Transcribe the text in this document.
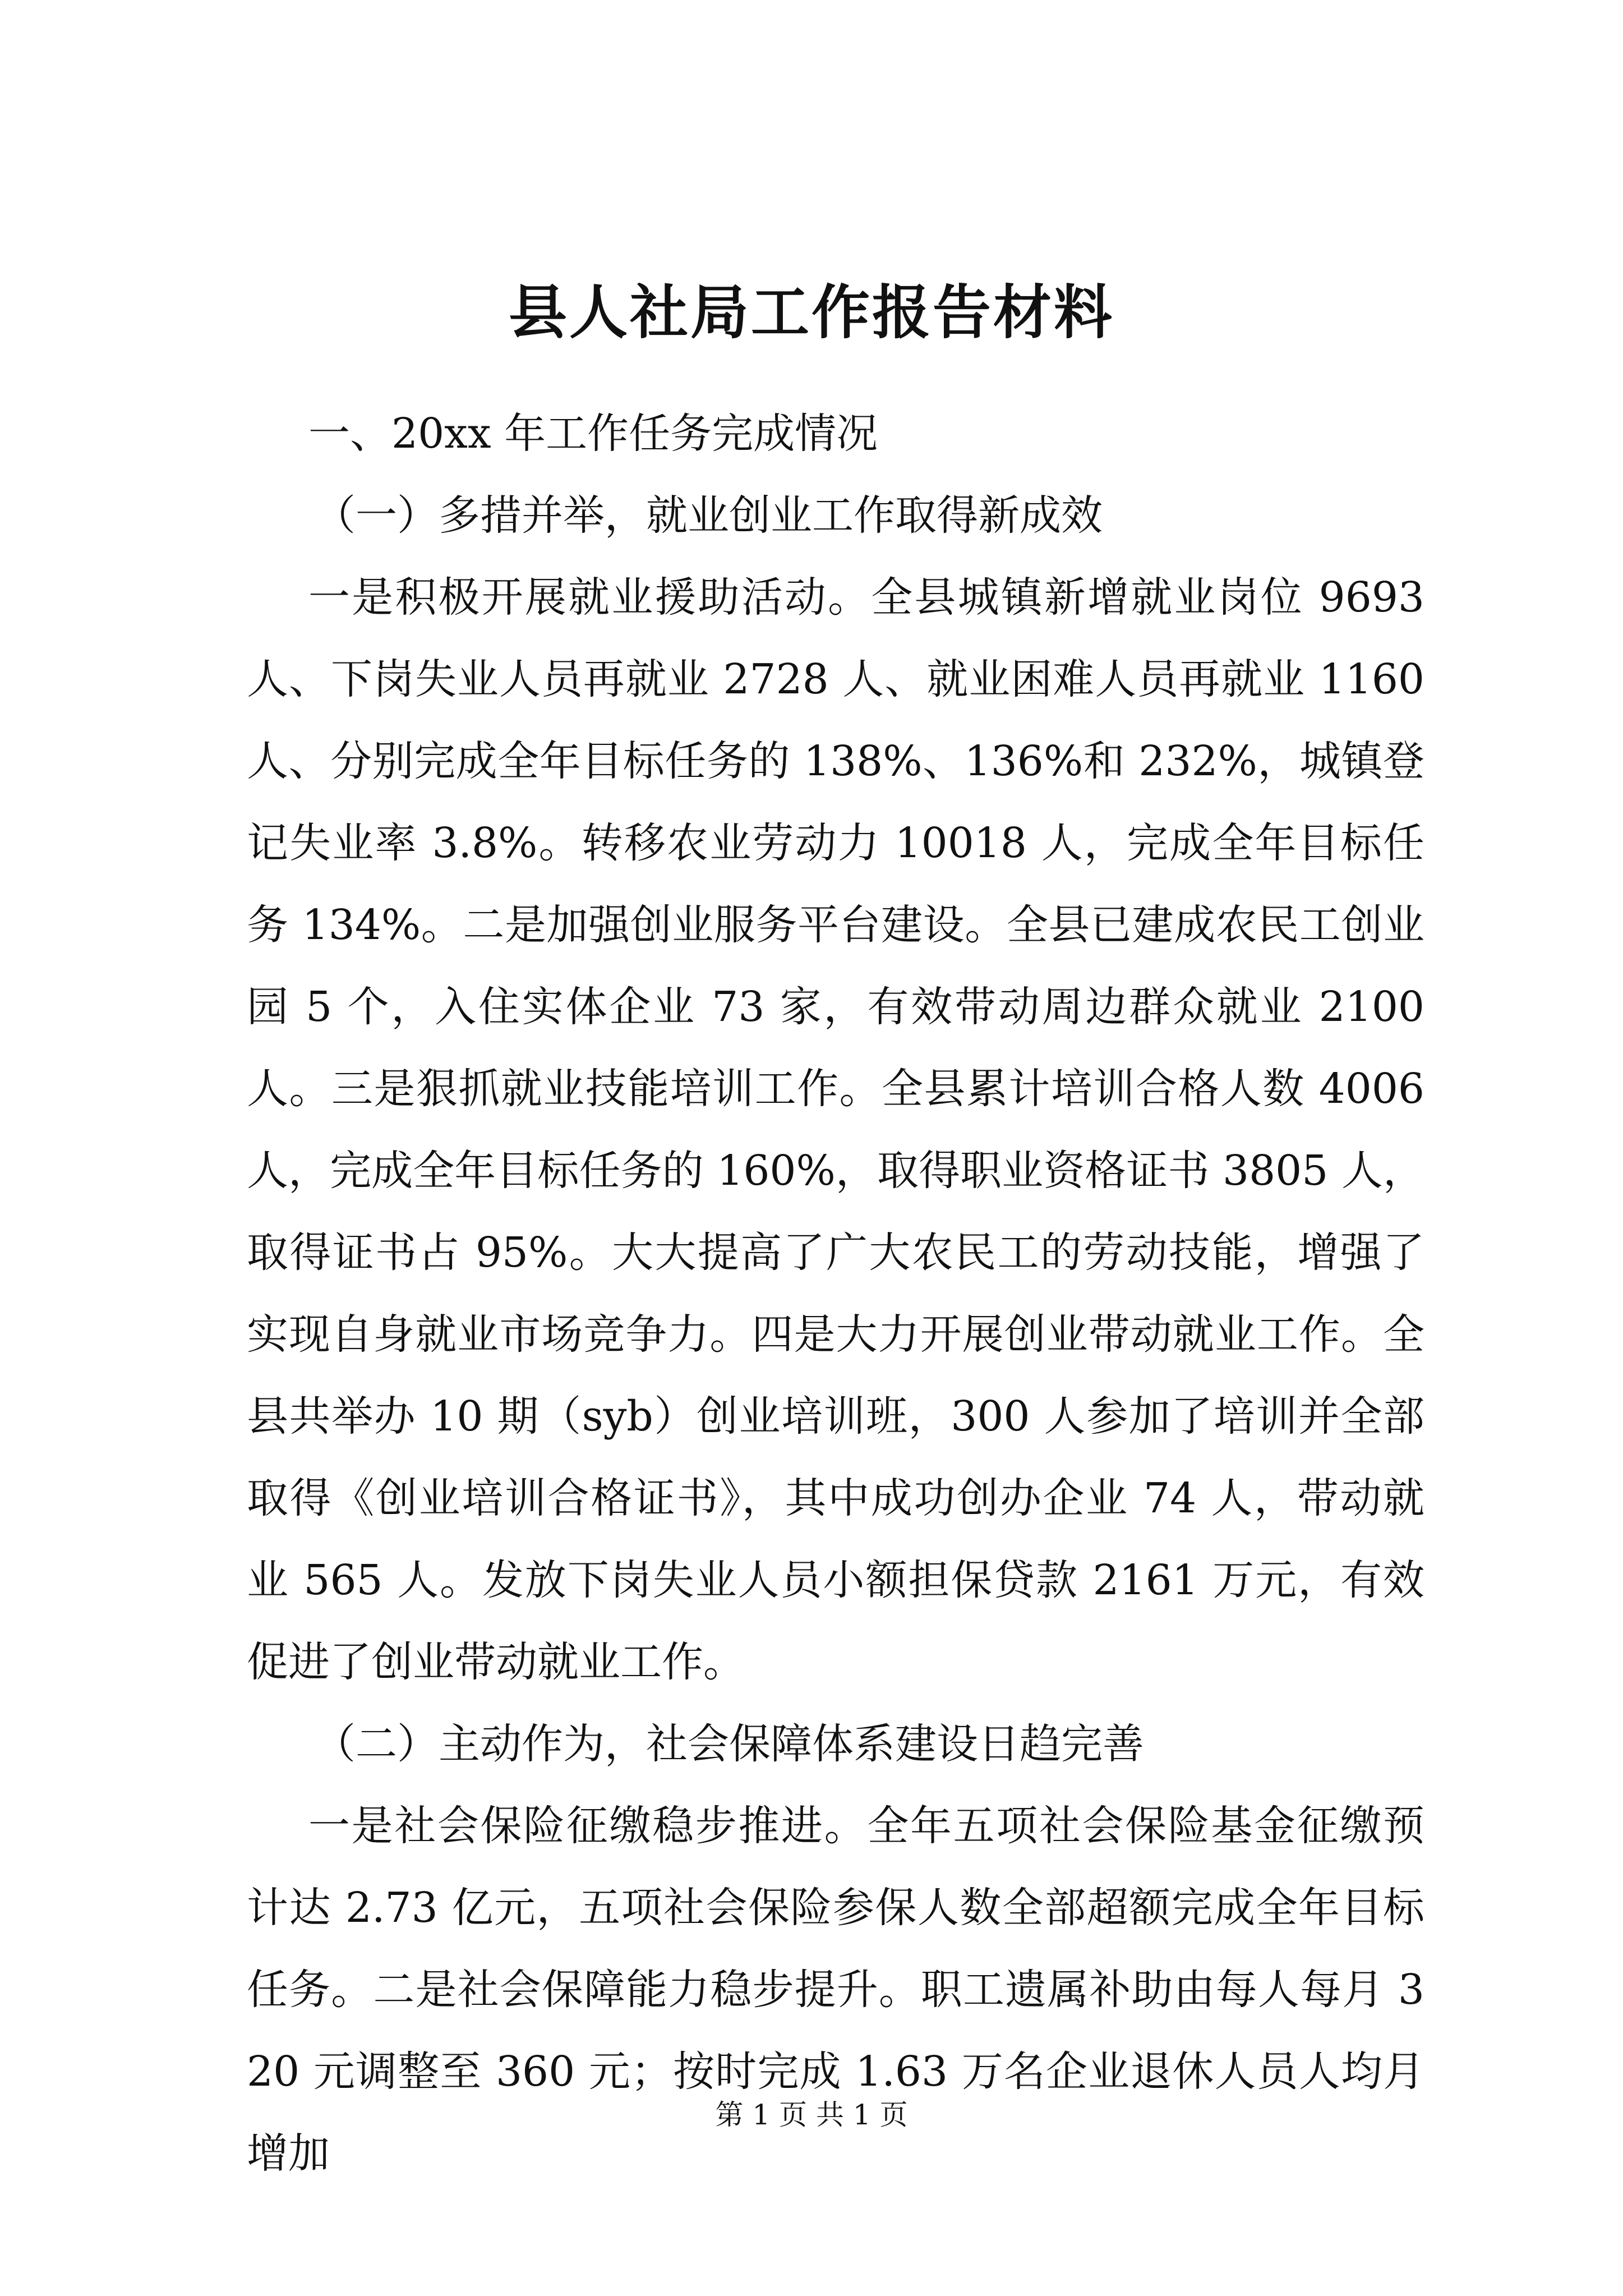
县人社局工作报告材料
一、20xx 年工作任务完成情况
（一）多措并举，就业创业工作取得新成效

一是积极开展就业援助活动。全县城镇新增就业岗位 9693 人、下岗失业人员再就业 2728 人、就业困难人员再就业 1160 人、分别完成全年目标任务的 138%、136%和 232%，城镇登记失业率 3.8%。转移农业劳动力 10018 人，完成全年目标任务 134%。二是加强创业服务平台建设。全县已建成农民工创业园 5 个，入住实体企业 73 家，有效带动周边群众就业 2100 人。三是狠抓就业技能培训工作。全县累计培训合格人数 4006 人，完成全年目标任务的 160%，取得职业资格证书 3805 人，取得证书占 95%。大大提高了广大农民工的劳动技能，增强了实现自身就业市场竞争力。四是大力开展创业带动就业工作。全县共举办 10 期（syb）创业培训班，300 人参加了培训并全部取得《创业培训合格证书》，其中成功创办企业 74 人，带动就业 565 人。发放下岗失业人员小额担保贷款 2161 万元，有效促进了创业带动就业工作。

（二）主动作为，社会保障体系建设日趋完善

一是社会保险征缴稳步推进。全年五项社会保险基金征缴预计达 2.73 亿元，五项社会保险参保人数全部超额完成全年目标任务。二是社会保障能力稳步提升。职工遗属补助由每人每月 320 元调整至 360 元；按时完成 1.63 万名企业退休人员人均月增加

第 1 页 共 1 页
